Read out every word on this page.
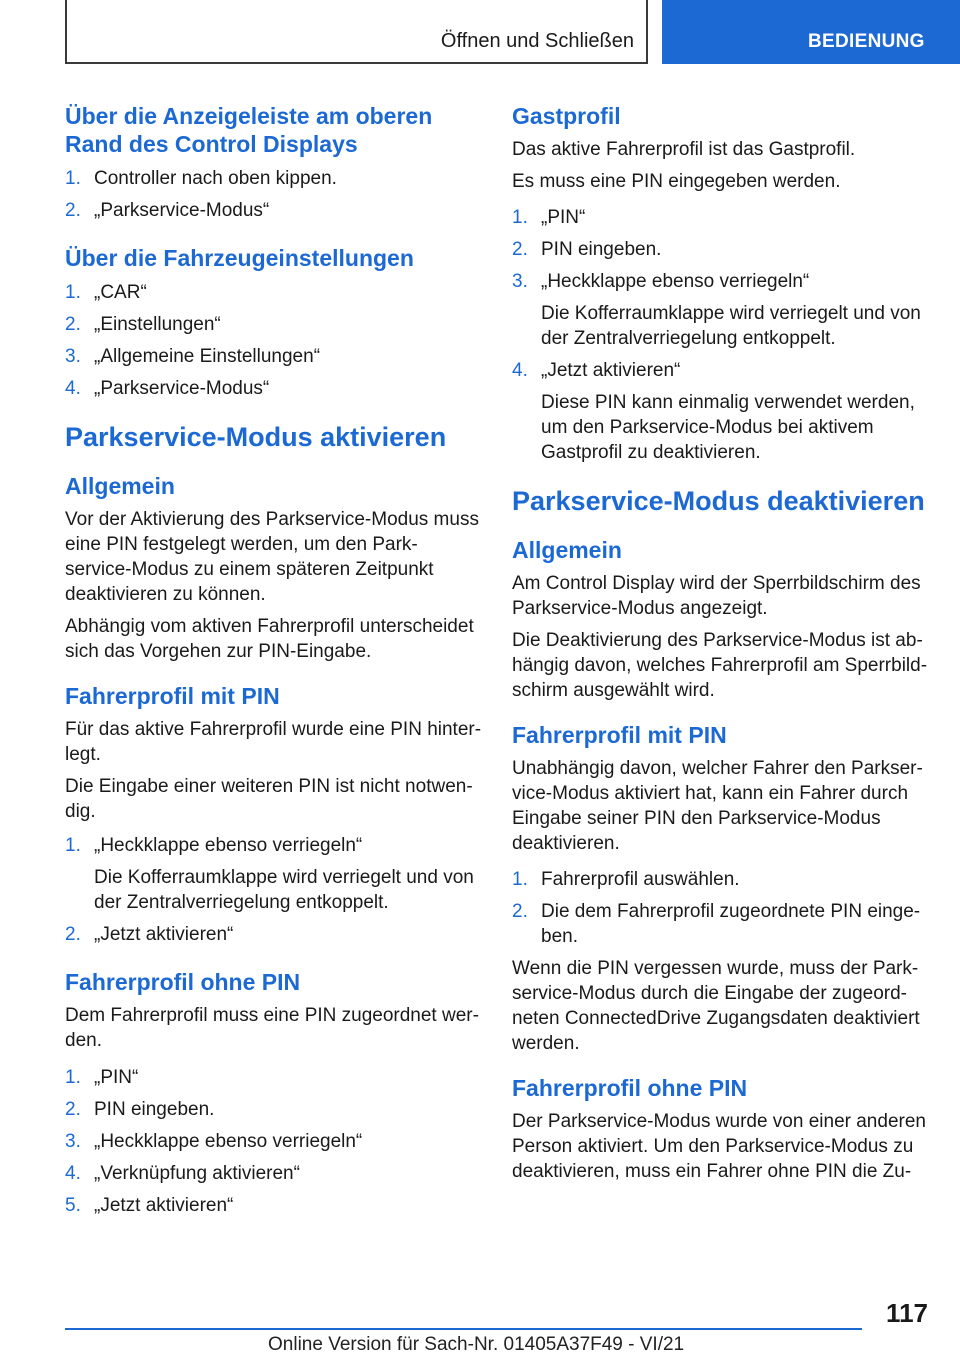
Öffnen und Schließen	BEDIENUNG
Über die Anzeigeleiste am oberen Rand des Control Displays
1. Controller nach oben kippen.
2. „Parkservice-Modus“
Über die Fahrzeugeinstellungen
1. „CAR“
2. „Einstellungen“
3. „Allgemeine Einstellungen“
4. „Parkservice-Modus“
Parkservice-Modus aktivieren
Allgemein

Vor der Aktivierung des Parkservice-Modus muss eine PIN festgelegt werden, um den Park-service-Modus zu einem späteren Zeitpunkt deaktivieren zu können.

Abhängig vom aktiven Fahrerprofil unterscheidet sich das Vorgehen zur PIN-Eingabe.

Fahrerprofil mit PIN

Für das aktive Fahrerprofil wurde eine PIN hinter-legt.

Die Eingabe einer weiteren PIN ist nicht notwen-dig.

1. „Heckklappe ebenso verriegeln“
Die Kofferraumklappe wird verriegelt und von der Zentralverriegelung entkoppelt.
2. „Jetzt aktivieren“
Fahrerprofil ohne PIN

Dem Fahrerprofil muss eine PIN zugeordnet wer-den.

1. „PIN“
2. PIN eingeben.
3. „Heckklappe ebenso verriegeln“
4. „Verknüpfung aktivieren“
5. „Jetzt aktivieren“
Gastprofil

Das aktive Fahrerprofil ist das Gastprofil.

Es muss eine PIN eingegeben werden.

1. „PIN“
2. PIN eingeben.
3. „Heckklappe ebenso verriegeln“
Die Kofferraumklappe wird verriegelt und von der Zentralverriegelung entkoppelt.
4. „Jetzt aktivieren“
Diese PIN kann einmalig verwendet werden, um den Parkservice-Modus bei aktivem Gastprofil zu deaktivieren.
Parkservice-Modus deaktivieren
Allgemein

Am Control Display wird der Sperrbildschirm des Parkservice-Modus angezeigt.

Die Deaktivierung des Parkservice-Modus ist ab-hängig davon, welches Fahrerprofil am Sperrbild-schirm ausgewählt wird.

Fahrerprofil mit PIN

Unabhängig davon, welcher Fahrer den Parkser-vice-Modus aktiviert hat, kann ein Fahrer durch Eingabe seiner PIN den Parkservice-Modus deaktivieren.

1. Fahrerprofil auswählen.
2. Die dem Fahrerprofil zugeordnete PIN einge-ben.

Wenn die PIN vergessen wurde, muss der Park-service-Modus durch die Eingabe der zugeord-neten ConnectedDrive Zugangsdaten deaktiviert werden.

Fahrerprofil ohne PIN

Der Parkservice-Modus wurde von einer anderen Person aktiviert. Um den Parkservice-Modus zu deaktivieren, muss ein Fahrer ohne PIN die Zu-

117
Online Version für Sach-Nr. 01405A37F49 - VI/21
